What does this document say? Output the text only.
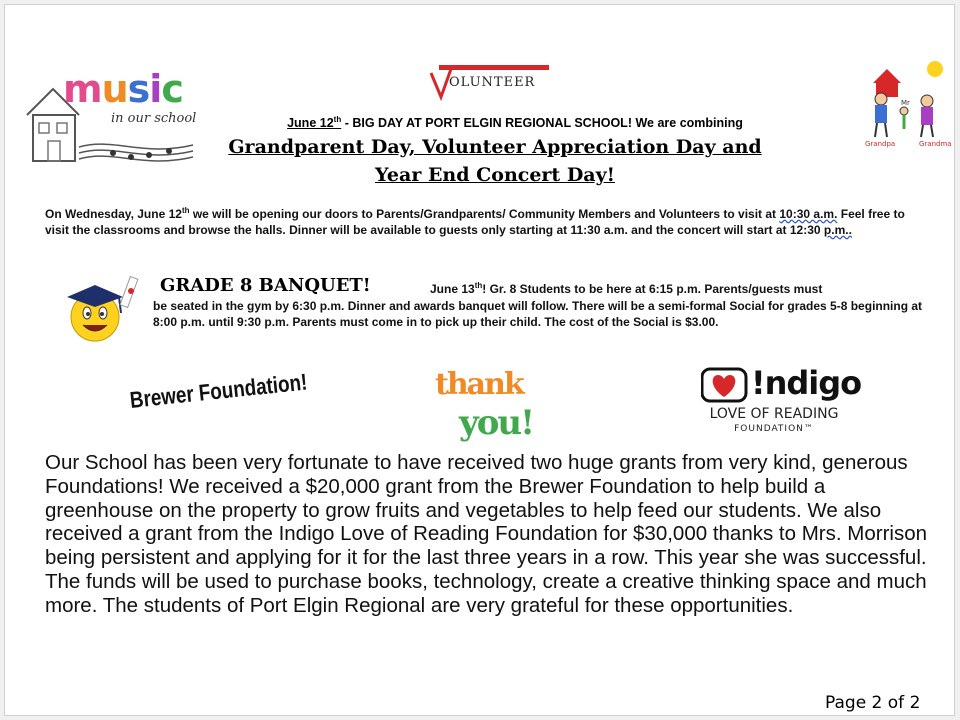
music
in our school
OLUNTEER
Mr
Grandpa	Grandma
June 12th - BIG DAY AT PORT ELGIN REGIONAL SCHOOL! We are combining
Grandparent Day, Volunteer Appreciation Day and
Year End Concert Day!
On Wednesday, June 12th we will be opening our doors to Parents/Grandparents/ Community Members and Volunteers to visit at 10:30 a.m. Feel free to visit the classrooms and browse the halls. Dinner will be available to guests only starting at 11:30 a.m. and the concert will start at 12:30 p.m..
GRADE 8 BANQUET!	June 13th! Gr. 8 Students to be here at 6:15 p.m. Parents/guests must
be seated in the gym by 6:30 p.m. Dinner and awards banquet will follow. There will be a semi-formal Social for grades 5-8 beginning at 8:00 p.m. until 9:30 p.m. Parents must come in to pick up their child. The cost of the Social is $3.00.
Brewer Foundation!	thank
you!
!ndigo
LOVE OF READING
FOUNDATION™
Our School has been very fortunate to have received two huge grants from very kind, generous Foundations! We received a $20,000 grant from the Brewer Foundation to help build a greenhouse on the property to grow fruits and vegetables to help feed our students. We also received a grant from the Indigo Love of Reading Foundation for $30,000 thanks to Mrs. Morrison being persistent and applying for it for the last three years in a row. This year she was successful. The funds will be used to purchase books, technology, create a creative thinking space and much more. The students of Port Elgin Regional are very grateful for these opportunities.
Page 2 of 2
